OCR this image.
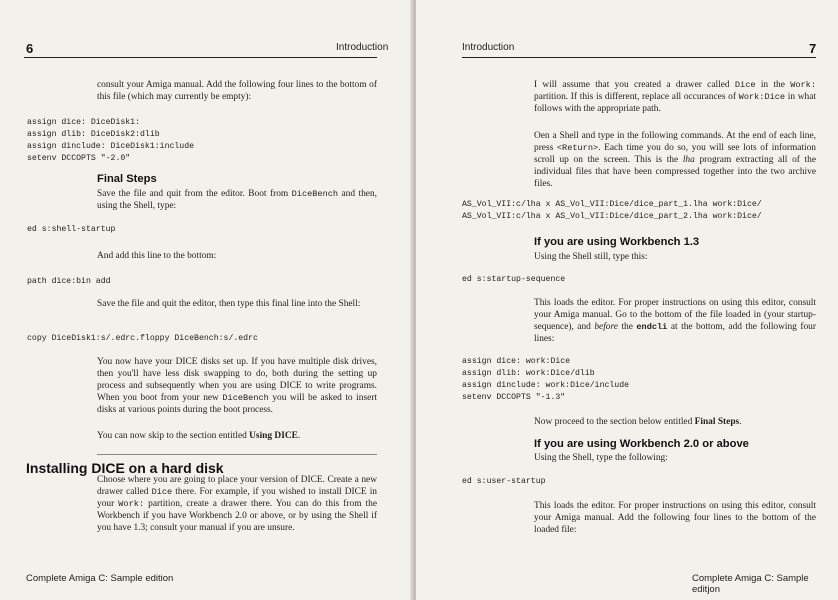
6	Introduction

consult your Amiga manual. Add the following four lines to the bottom of this file (which may currently be empty):

assign dice: DiceDisk1:
assign dlib: DiceDisk2:dlib
assign dinclude: DiceDisk1:include
setenv DCCOPTS "-2.0"
Final Steps

Save the file and quit from the editor. Boot from DiceBench and then, using the Shell, type:

ed s:shell-startup

And add this line to the bottom:

path dice:bin add

Save the file and quit the editor, then type this final line into the Shell:

copy DiceDisk1:s/.edrc.floppy DiceBench:s/.edrc

You now have your DICE disks set up. If you have multiple disk drives, then you'll have less disk swapping to do, both during the setting up process and subsequently when you are using DICE to write programs. When you boot from your new DiceBench you will be asked to insert disks at various points during the boot process.

You can now skip to the section entitled Using DICE.

Installing DICE on a hard disk

Choose where you are going to place your version of DICE. Create a new drawer called Dice there. For example, if you wished to install DICE in your Work: partition, create a drawer there. You can do this from the Workbench if you have Workbench 2.0 or above, or by using the Shell if you have 1.3; consult your manual if you are unsure.

Complete Amiga C: Sample edition
Introduction	7

I will assume that you created a drawer called Dice in the Work: partition. If this is different, replace all occurances of Work:Dice in what follows with the appropriate path.

Oen a Shell and type in the following commands. At the end of each line, press <Return>. Each time you do so, you will see lots of information scroll up on the screen. This is the lha program extracting all of the individual files that have been compressed together into the two archive files.

AS_Vol_VII:c/lha x AS_Vol_VII:Dice/dice_part_1.lha work:Dice/
AS_Vol_VII:c/lha x AS_Vol_VII:Dice/dice_part_2.lha work:Dice/
If you are using Workbench 1.3

Using the Shell still, type this:

ed s:startup-sequence

This loads the editor. For proper instructions on using this editor, consult your Amiga manual. Go to the bottom of the file loaded in (your startup-sequence), and before the endcli at the bottom, add the following four lines:

assign dice: work:Dice
assign dlib: work:Dice/dlib
assign dinclude: work:Dice/include
setenv DCCOPTS "-1.3"

Now proceed to the section below entitled Final Steps.

If you are using Workbench 2.0 or above

Using the Shell, type the following:

ed s:user-startup

This loads the editor. For proper instructions on using this editor, consult your Amiga manual. Add the following four lines to the bottom of the loaded file:

Complete Amiga C: Sample editjon
